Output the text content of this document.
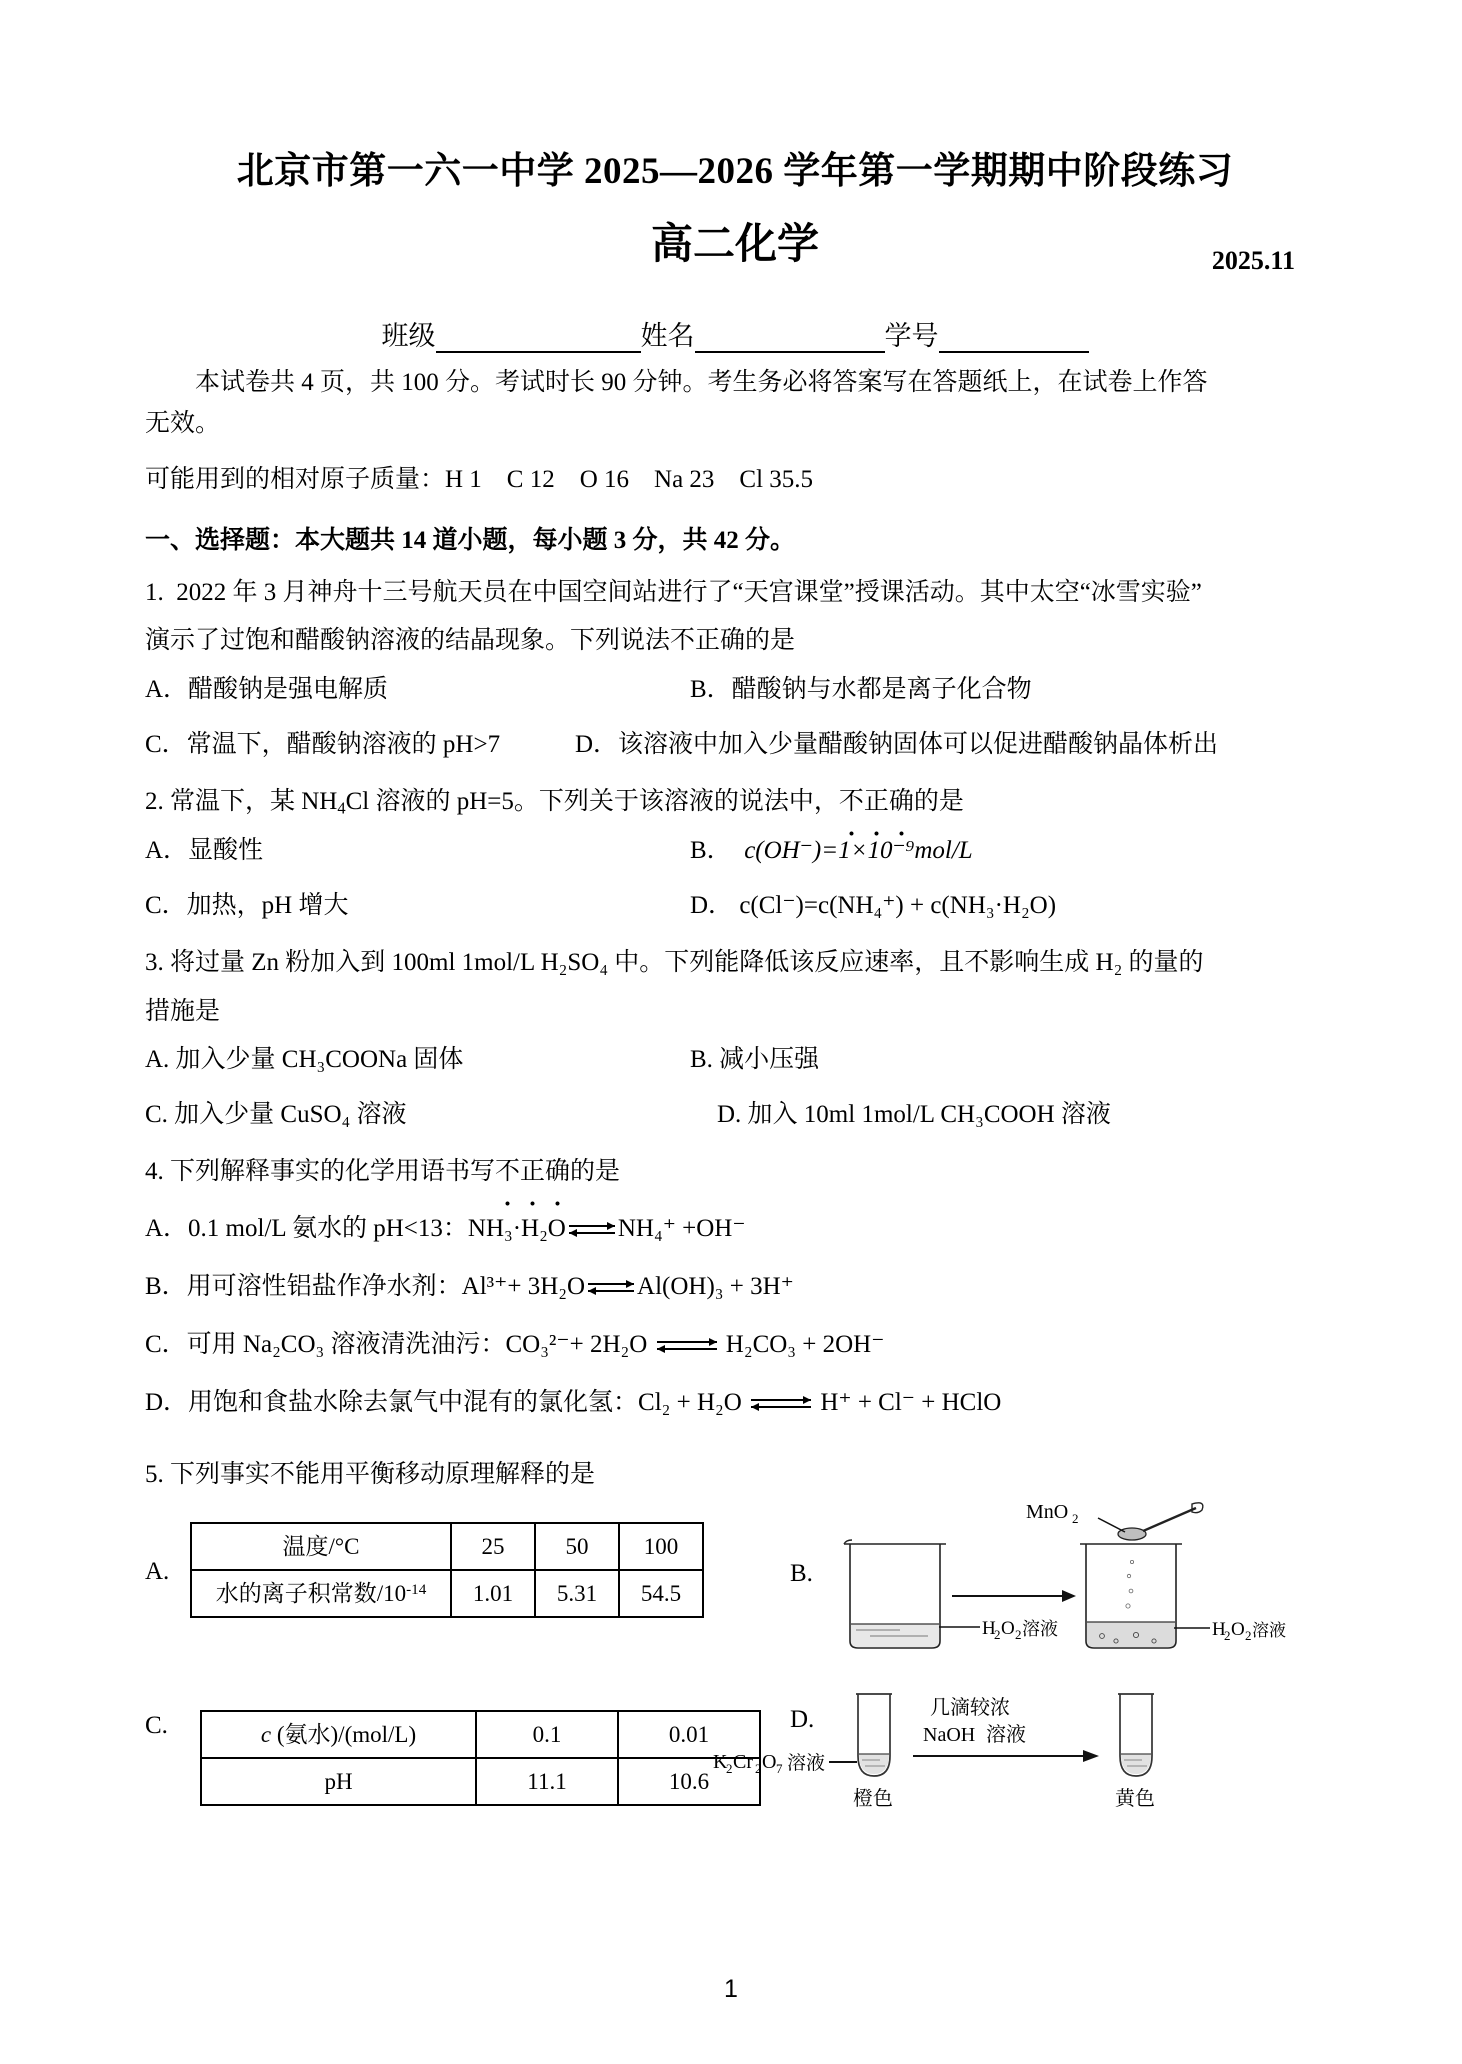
北京市第一六一中学 2025—2026 学年第一学期期中阶段练习
高二化学	2025.11
班级	姓名	学号
本试卷共 4 页，共 100 分。考试时长 90 分钟。考生务必将答案写在答题纸上，在试卷上作答
无效。
可能用到的相对原子质量：H 1　C 12　O 16　Na 23　Cl 35.5
一、选择题：本大题共 14 道小题，每小题 3 分，共 42 分。
1. 2022 年 3 月神舟十三号航天员在中国空间站进行了“天宫课堂”授课活动。其中太空“冰雪实验”
演示了过饱和醋酸钠溶液的结晶现象。下列说法不正确的是
A．醋酸钠是强电解质	B．醋酸钠与水都是离子化合物
C．常温下，醋酸钠溶液的 pH>7	D．该溶液中加入少量醋酸钠固体可以促进醋酸钠晶体析出
2. 常温下，某 $NH_4Cl$ 溶液的 pH=5。下列关于该溶液的说法中，不正确的是
A．显酸性	B． c(OH⁻)=1×10⁻⁹mol/L
C．加热，pH 增大	D． c(Cl⁻)=c(NH₄⁺) + c(NH₃·H₂O)
3. 将过量 Zn 粉加入到 100ml 1mol/L H₂SO₄ 中。下列能降低该反应速率，且不影响生成 H₂ 的量的
措施是
A. 加入少量 CH₃COONa 固体	B. 减小压强
C. 加入少量 CuSO₄ 溶液	D. 加入 10ml 1mol/L CH₃COOH 溶液
4. 下列解释事实的化学用语书写不正确的是
A．0.1 mol/L 氨水的 pH<13：NH₃·H₂O ⇌ NH₄⁺ +OH⁻
B．用可溶性铝盐作净水剂：Al³⁺+ 3H₂O ⇌ Al(OH)₃ + 3H⁺
C．可用 Na₂CO₃ 溶液清洗油污：CO₃²⁻+ 2H₂O ⇌ H₂CO₃ + 2OH⁻
D．用饱和食盐水除去氯气中混有的氯化氢：Cl₂ + H₂O ⇌ H⁺ + Cl⁻ + HClO
5. 下列事实不能用平衡移动原理解释的是
A.
温度/°C	25	50	100
水的离子积常数$/10^{-14}$	1.01	5.31	54.5
B.
H
2 O 2 溶液
MnO 2
H
2 O 2 溶液
C.	c (氨水)/(mol/L)	0.1	0.01
pH	11.1	10.6
D.
K
2 Cr 2 O 7 溶液
橙色
几滴较浓
NaOH 溶液
黄色
1
